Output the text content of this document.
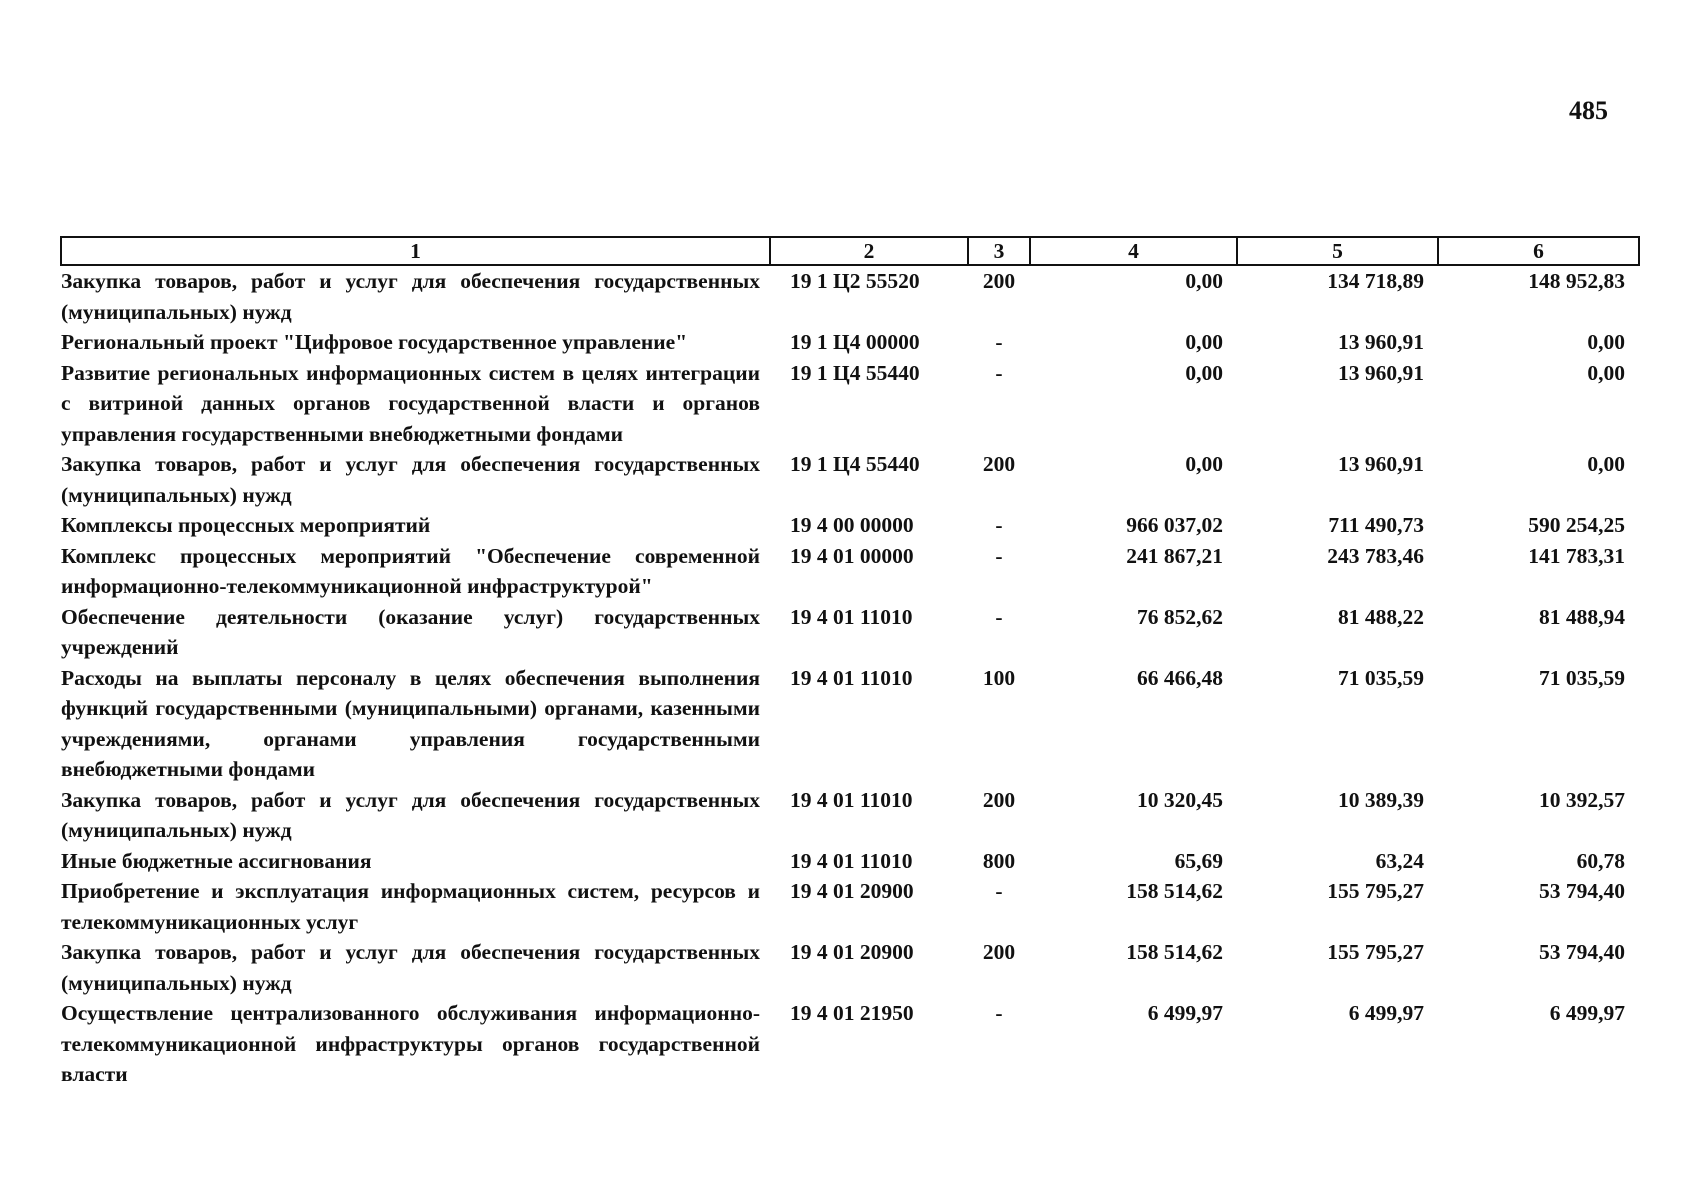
485
1	2	3	4	5	6
Закупка товаров, работ и услуг для обеспечения государственных (муниципальных) нужд	19 1 Ц2 55520	200	0,00	134 718,89	148 952,83
Региональный проект "Цифровое государственное управление"	19 1 Ц4 00000	-	0,00	13 960,91	0,00
Развитие региональных информационных систем в целях интеграции с витриной данных органов государственной власти и органов управления государственными внебюджетными фондами	19 1 Ц4 55440	-	0,00	13 960,91	0,00
Закупка товаров, работ и услуг для обеспечения государственных (муниципальных) нужд	19 1 Ц4 55440	200	0,00	13 960,91	0,00
Комплексы процессных мероприятий	19 4 00 00000	-	966 037,02	711 490,73	590 254,25
Комплекс процессных мероприятий "Обеспечение современной информационно-телекоммуникационной инфраструктурой"	19 4 01 00000	-	241 867,21	243 783,46	141 783,31
Обеспечение деятельности (оказание услуг) государственных учреждений	19 4 01 11010	-	76 852,62	81 488,22	81 488,94
Расходы на выплаты персоналу в целях обеспечения выполнения функций государственными (муниципальными) органами, казенными учреждениями, органами управления государственными внебюджетными фондами	19 4 01 11010	100	66 466,48	71 035,59	71 035,59
Закупка товаров, работ и услуг для обеспечения государственных (муниципальных) нужд	19 4 01 11010	200	10 320,45	10 389,39	10 392,57
Иные бюджетные ассигнования	19 4 01 11010	800	65,69	63,24	60,78
Приобретение и эксплуатация информационных систем, ресурсов и телекоммуникационных услуг	19 4 01 20900	-	158 514,62	155 795,27	53 794,40
Закупка товаров, работ и услуг для обеспечения государственных (муниципальных) нужд	19 4 01 20900	200	158 514,62	155 795,27	53 794,40
Осуществление централизованного обслуживания информационно-телекоммуникационной инфраструктуры органов государственной власти	19 4 01 21950	-	6 499,97	6 499,97	6 499,97
